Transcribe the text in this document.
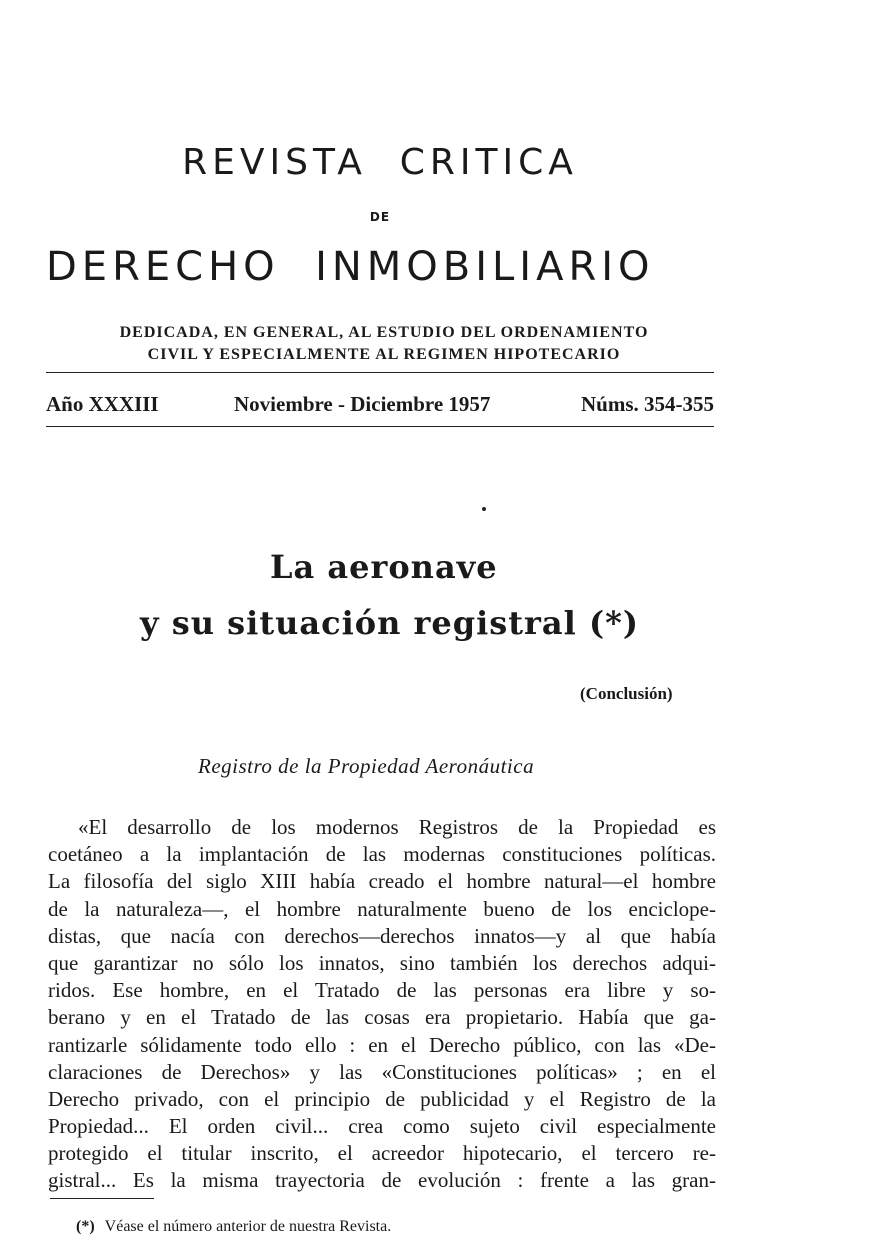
REVISTA  CRITICA
DE
DERECHO  INMOBILIARIO
DEDICADA, EN GENERAL, AL ESTUDIO DEL ORDENAMIENTO
CIVIL Y ESPECIALMENTE AL REGIMEN HIPOTECARIO
Año XXXIII	Noviembre - Diciembre 1957	Núms. 354-355
La aeronave
y su situación registral (*)
(Conclusión)
Registro de la Propiedad Aeronáutica
«El desarrollo de los modernos Registros de la Propiedad es
coetáneo a la implantación de las modernas constituciones políticas.
La filosofía del siglo XIII había creado el hombre natural—el hombre
de la naturaleza—, el hombre naturalmente bueno de los enciclope-
distas, que nacía con derechos—derechos innatos—y al que había
que garantizar no sólo los innatos, sino también los derechos adqui-
ridos. Ese hombre, en el Tratado de las personas era libre y so-
berano y en el Tratado de las cosas era propietario. Había que ga-
rantizarle sólidamente todo ello : en el Derecho público, con las «De-
claraciones de Derechos» y las «Constituciones políticas» ; en el
Derecho privado, con el principio de publicidad y el Registro de la
Propiedad... El orden civil... crea como sujeto civil especialmente
protegido el titular inscrito, el acreedor hipotecario, el tercero re-
gistral... Es la misma trayectoria de evolución : frente a las gran-
(*) Véase el número anterior de nuestra Revista.
